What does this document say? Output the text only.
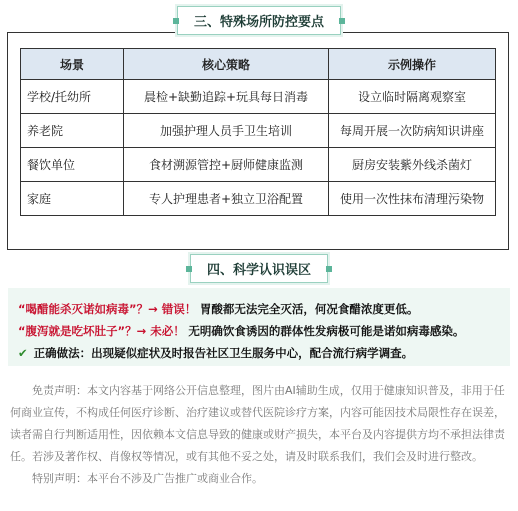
三、特殊场所防控要点
场景	核心策略	示例操作
学校/托幼所	晨检+缺勤追踪+玩具每日消毒	设立临时隔离观察室
养老院	加强护理人员手卫生培训	每周开展一次防病知识讲座
餐饮单位	食材溯源管控+厨师健康监测	厨房安装紫外线杀菌灯
家庭	专人护理患者+独立卫浴配置	使用一次性抹布清理污染物
四、科学认识误区
“喝醋能杀灭诺如病毒”？→ 错误！ 胃酸都无法完全灭活，何况食醋浓度更低。
“腹泻就是吃坏肚子”？→ 未必！ 无明确饮食诱因的群体性发病极可能是诺如病毒感染。
✔ 正确做法：出现疑似症状及时报告社区卫生服务中心，配合流行病学调查。

免责声明：本文内容基于网络公开信息整理，图片由AI辅助生成，仅用于健康知识普及，非用于任何商业宣传，不构成任何医疗诊断、治疗建议或替代医院诊疗方案，内容可能因技术局限性存在误差，读者需自行判断适用性，因依赖本文信息导致的健康或财产损失，本平台及内容提供方均不承担法律责任。若涉及著作权、肖像权等情况，或有其他不妥之处，请及时联系我们，我们会及时进行整改。

特别声明：本平台不涉及广告推广或商业合作。
